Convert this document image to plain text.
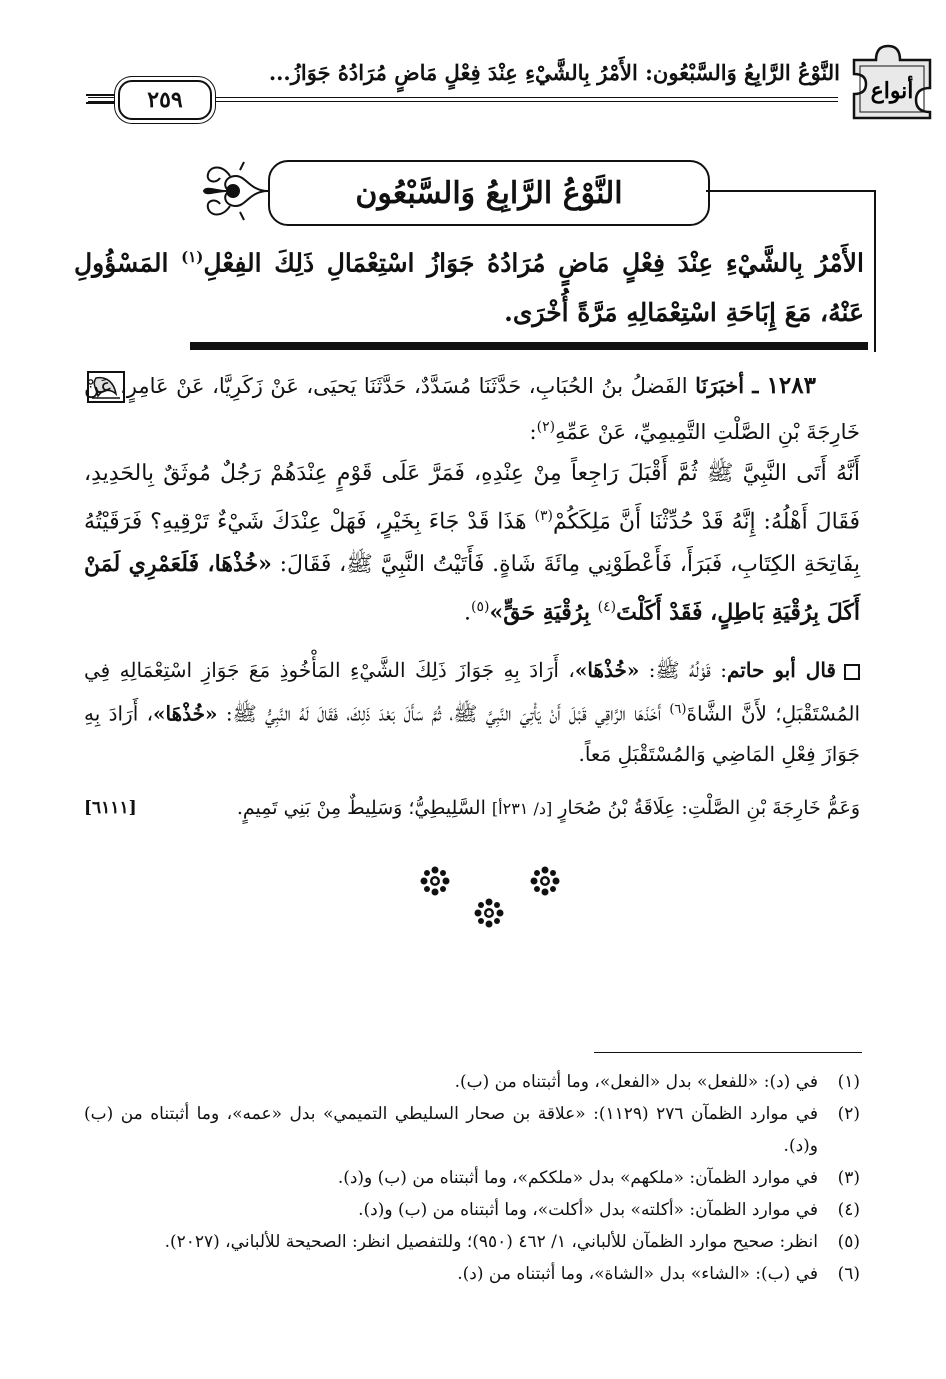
أنواع
النَّوْعُ الرَّابِعُ وَالسَّبْعُون: الأَمْرُ بِالشَّيْءِ عِنْدَ فِعْلٍ مَاضٍ مُرَادُهُ جَوَازُ...
٢٥٩
النَّوْعُ الرَّابِعُ وَالسَّبْعُون
الأَمْرُ بِالشَّيْءِ عِنْدَ فِعْلٍ مَاضٍ مُرَادُهُ جَوَازُ اسْتِعْمَالِ ذَلِكَ الفِعْلِ$^{(١)}$ المَسْؤُولِ عَنْهُ، مَعَ إِبَاحَةِ اسْتِعْمَالِهِ مَرَّةً أُخْرَى.
١٢٨٣ ـ أخبَرَنَا الفَضلُ بنُ الحُبَابِ، حَدَّثَنَا مُسَدَّدٌ، حَدَّثَنَا يَحيَى، عَنْ زَكَرِيَّا، عَنْ عَامِرٍ، عَنْ خَارِجَةَ بْنِ الصَّلْتِ التَّمِيمِيِّ، عَنْ عَمِّهِ$^{(٢)}$:
أَنَّهُ أَتَى النَّبِيَّ ﷺ ثُمَّ أَقْبَلَ رَاجِعاً مِنْ عِنْدِهِ، فَمَرَّ عَلَى قَوْمٍ عِنْدَهُمْ رَجُلٌ مُوثَقٌ بِالحَدِيدِ، فَقَالَ أَهْلُهُ: إِنَّهُ قَدْ حُدِّثْنَا أَنَّ مَلِكَكُمْ$^{(٣)}$ هَذَا قَدْ جَاءَ بِخَيْرٍ، فَهَلْ عِنْدَكَ شَيْءٌ تَرْقِيهِ؟ فَرَقَيْتُهُ بِفَاتِحَةِ الكِتَابِ، فَبَرَأَ، فَأَعْطَوْنِي مِائَةَ شَاةٍ. فَأَتَيْتُ النَّبِيَّ ﷺ، فَقَالَ: «خُذْهَا، فَلَعَمْرِي لَمَنْ أَكَلَ بِرُقْيَةِ بَاطِلٍ، فَقَدْ أَكَلْتَ$^{(٤)}$ بِرُقْيَةِ حَقٍّ»$^{(٥)}$.
قال أبو حاتم: قَوْلُهُ ﷺ: «خُذْهَا»، أَرَادَ بِهِ جَوَازَ ذَلِكَ الشَّيْءِ المَأْخُوذِ مَعَ جَوَازِ اسْتِعْمَالِهِ فِي المُسْتَقْبَلِ؛ لأَنَّ الشَّاةَ$^{(٦)}$ أَخَذَهَا الرَّاقِي قَبْلَ أَنْ يَأْتِيَ النَّبِيَّ ﷺ، ثُمَّ سَأَلَ بَعْدَ ذَلِكَ، فَقَالَ لَهُ النَّبِيُّ ﷺ: «خُذْهَا»، أَرَادَ بِهِ جَوَازَ فِعْلِ المَاضِي وَالمُسْتَقْبَلِ مَعاً.
وَعَمُّ خَارِجَةَ بْنِ الصَّلْتِ: عِلَاقَةُ بْنُ صُحَارٍ [د/ ٢٣١أ] السَّلِيطِيُّ؛ وَسَلِيطٌ مِنْ بَنِي تَمِيمٍ.
[٦١١١]
(١)
في (د): «للفعل» بدل «الفعل»، وما أثبتناه من (ب).
(٢)
في موارد الظمآن ٢٧٦ (١١٢٩): «علاقة بن صحار السليطي التميمي» بدل «عمه»، وما أثبتناه من (ب) و(د).
(٣)
في موارد الظمآن: «ملكهم» بدل «ملككم»، وما أثبتناه من (ب) و(د).
(٤)
في موارد الظمآن: «أكلته» بدل «أكلت»، وما أثبتناه من (ب) و(د).
(٥)
انظر: صحيح موارد الظمآن للألباني، ١/ ٤٦٢ (٩٥٠)؛ وللتفصيل انظر: الصحيحة للألباني، (٢٠٢٧).
(٦)
في (ب): «الشاء» بدل «الشاة»، وما أثبتناه من (د).
